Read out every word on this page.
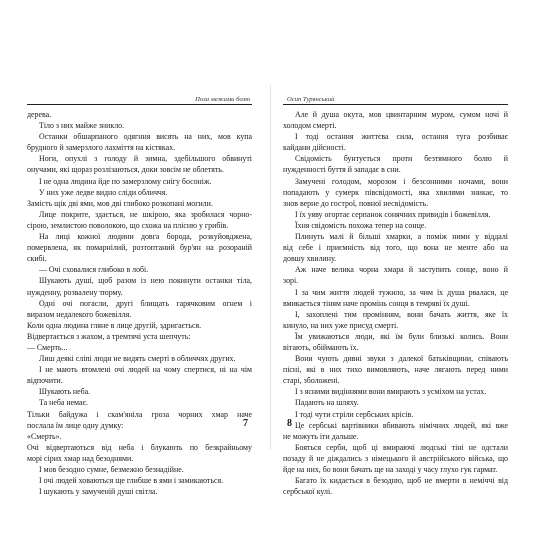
Поза межами болю
дерева.
Тіло з них майже зникло.
Останки обшарпаного одягння висять на них, мов купа
брудного й замерзлого лахміття на кістяках.
Ноги, опухлі з голоду й зимна, здебільшого обвинуті
онучами, які щораз розлізаються, доки зовсім не облетять.
І не одна людина йде по замерзлому снігу босоніж.
У них уже ледве видно сліди обличчя.
Замість щік дві ями, мов дві глибоко розкопані могили.
Лице покрите, здається, не шкірою, яка зробилася чорно-
сірою, землистою поволокою, що схожа на плісню у грибів.
На лиці кожної людини довга борода, розкуйовджена,
помервлена, як помарнілий, розтоптаний бур'ян на розораній
скибі.
— Очі сховалися глибоко в лобі.
Шукають душі, щоб разом із нею покинути останки тіла,
нужденну, розвалену тюрму.
Одні очі погасли, другі блищать гарячковим огнем і
виразом недалекого божевілля.
Коли одна людина гляне в лице другій, здригається.
Відвертається з жахом, а тремтячі уста шепчуть:
— Смерть...
Лиш деякі сліпі люди не видять смерті в обличчях других.
І не мають втомлені очі людей на чому спертися, ні на чім
відпочити.
Шукають неба.
Та неба немає.
Тільки байдужа і скам'яніла гроза чорних хмар наче
послала їм лице одну думку:
«Смерть».
Очі відвертаються від неба і блукають по безкрайньому
морі сірих хмар над безоднями.
І мов безодно сумне, безмежно безнадійне.
І очі людей ховаються ще глибше в ями і замикаються.
І шукають у замученій душі світла.
7
Осип Турянський
Але й душа окута, мов цвинтарним муром, сумом ночі й
холодом смерті.
І тоді остання життєва сила, остання туга розбиває
кайдани дійсності.
Свідомість бунтується проти безтямного болю й
нужденності буття й западає в сни.
Замучені голодом, морозом і безсонними ночами, вони
попадають у сумерк півсвідомості, яка хвилями зникає, то
знов верне до гострої, повної несвідомість.
І їх уяву огортає серпанок сонячних привидів і божевілля.
Їхня свідомість похожа тепер на сонце.
Плинуть малі й більші хмарки, а поміж ними у віддалі
від себе і приємність від того, що вона не менте або на
довшу хвилину.
Аж наче велика чорна хмара й заступить сонце, воно й
зорі.
І за чим життя людей тужило, за чим їх душа рвалася, це
вмикається тіням наче промінь сонця в темряві їх душі.
І, захоплені тим промінням, вони бачать життя, яке їх
кинуло, на них уже присуд смерті.
Їм увижаються люди, які їм були близькі колись. Вони
вітають, обіймають їх.
Вони чують дивні звуки з далекої батьківщини, співають
пісні, які в них тихо вимовляють, наче лягають перед ними
старі, зболожені.
І з ясними видіннями вони вмирають з усміхом на устах.
Падають на шляху.
І тоді чути стріли сербських крісів.
Це сербські вартівники вбивають німічних людей, які вже
не можуть іти дальше.
Бояться серби, щоб ці вмираючі людські тіні не одстали
позаду й не діждались з німецького й австрійського війська, що
йде на них, бо вони бачать ще на заході у часу глухо гук гармат.
Багато їх кидається в безодню, щоб не вмерти в неміччі від
сербської кулі.
8
